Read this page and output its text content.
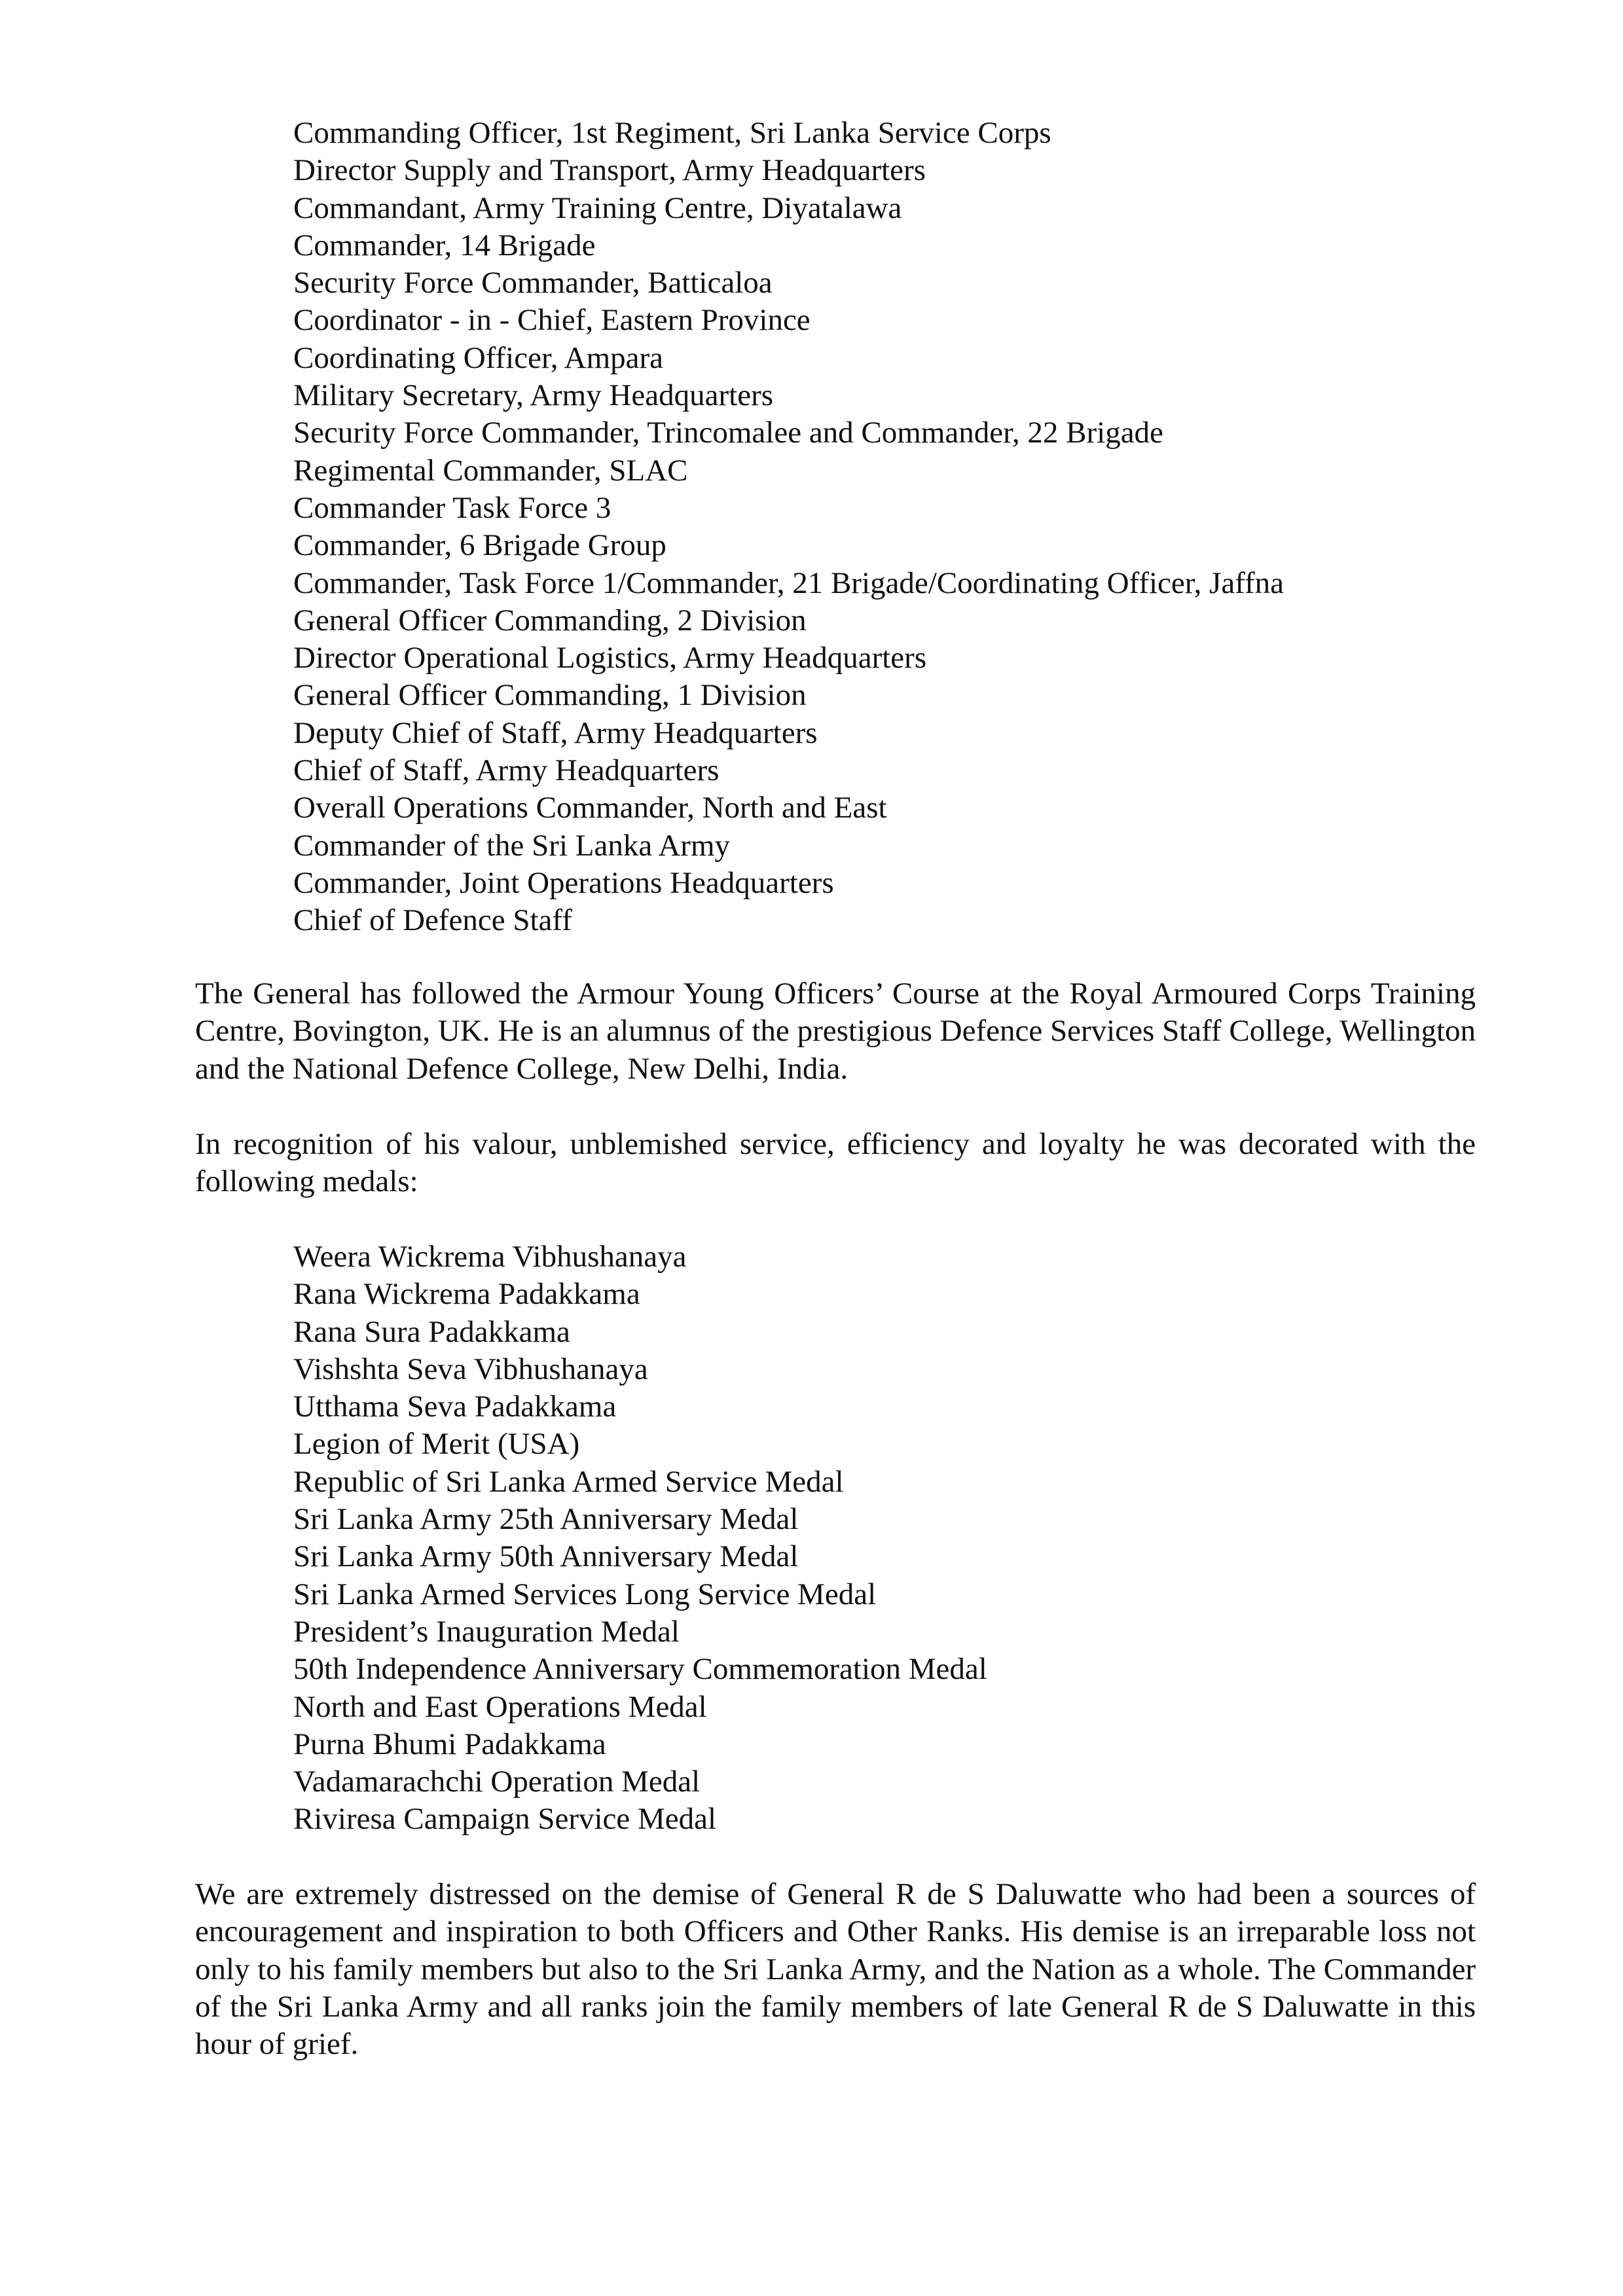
Commanding Officer, 1st Regiment, Sri Lanka Service Corps
Director Supply and Transport, Army Headquarters
Commandant, Army Training Centre, Diyatalawa
Commander, 14 Brigade
Security Force Commander, Batticaloa
Coordinator - in - Chief, Eastern Province
Coordinating Officer, Ampara
Military Secretary, Army Headquarters
Security Force Commander, Trincomalee and Commander, 22 Brigade
Regimental Commander, SLAC
Commander Task Force 3
Commander, 6 Brigade Group
Commander, Task Force 1/Commander, 21 Brigade/Coordinating Officer, Jaffna
General Officer Commanding, 2 Division
Director Operational Logistics, Army Headquarters
General Officer Commanding, 1 Division
Deputy Chief of Staff, Army Headquarters
Chief of Staff, Army Headquarters
Overall Operations Commander, North and East
Commander of the Sri Lanka Army
Commander, Joint Operations Headquarters
Chief of Defence Staff

The General has followed the Armour Young Officers’ Course at the Royal Armoured Corps Training Centre, Bovington, UK. He is an alumnus of the prestigious Defence Services Staff College, Wellington and the National Defence College, New Delhi, India.

In recognition of his valour, unblemished service, efficiency and loyalty he was decorated with the following medals:

Weera Wickrema Vibhushanaya
Rana Wickrema Padakkama
Rana Sura Padakkama
Vishshta Seva Vibhushanaya
Utthama Seva Padakkama
Legion of Merit (USA)
Republic of Sri Lanka Armed Service Medal
Sri Lanka Army 25th Anniversary Medal
Sri Lanka Army 50th Anniversary Medal
Sri Lanka Armed Services Long Service Medal
President’s Inauguration Medal
50th Independence Anniversary Commemoration Medal
North and East Operations Medal
Purna Bhumi Padakkama
Vadamarachchi Operation Medal
Riviresa Campaign Service Medal

We are extremely distressed on the demise of General R de S Daluwatte who had been a sources of encouragement and inspiration to both Officers and Other Ranks. His demise is an irreparable loss not only to his family members but also to the Sri Lanka Army, and the Nation as a whole. The Commander of the Sri Lanka Army and all ranks join the family members of late General R de S Daluwatte in this hour of grief.
